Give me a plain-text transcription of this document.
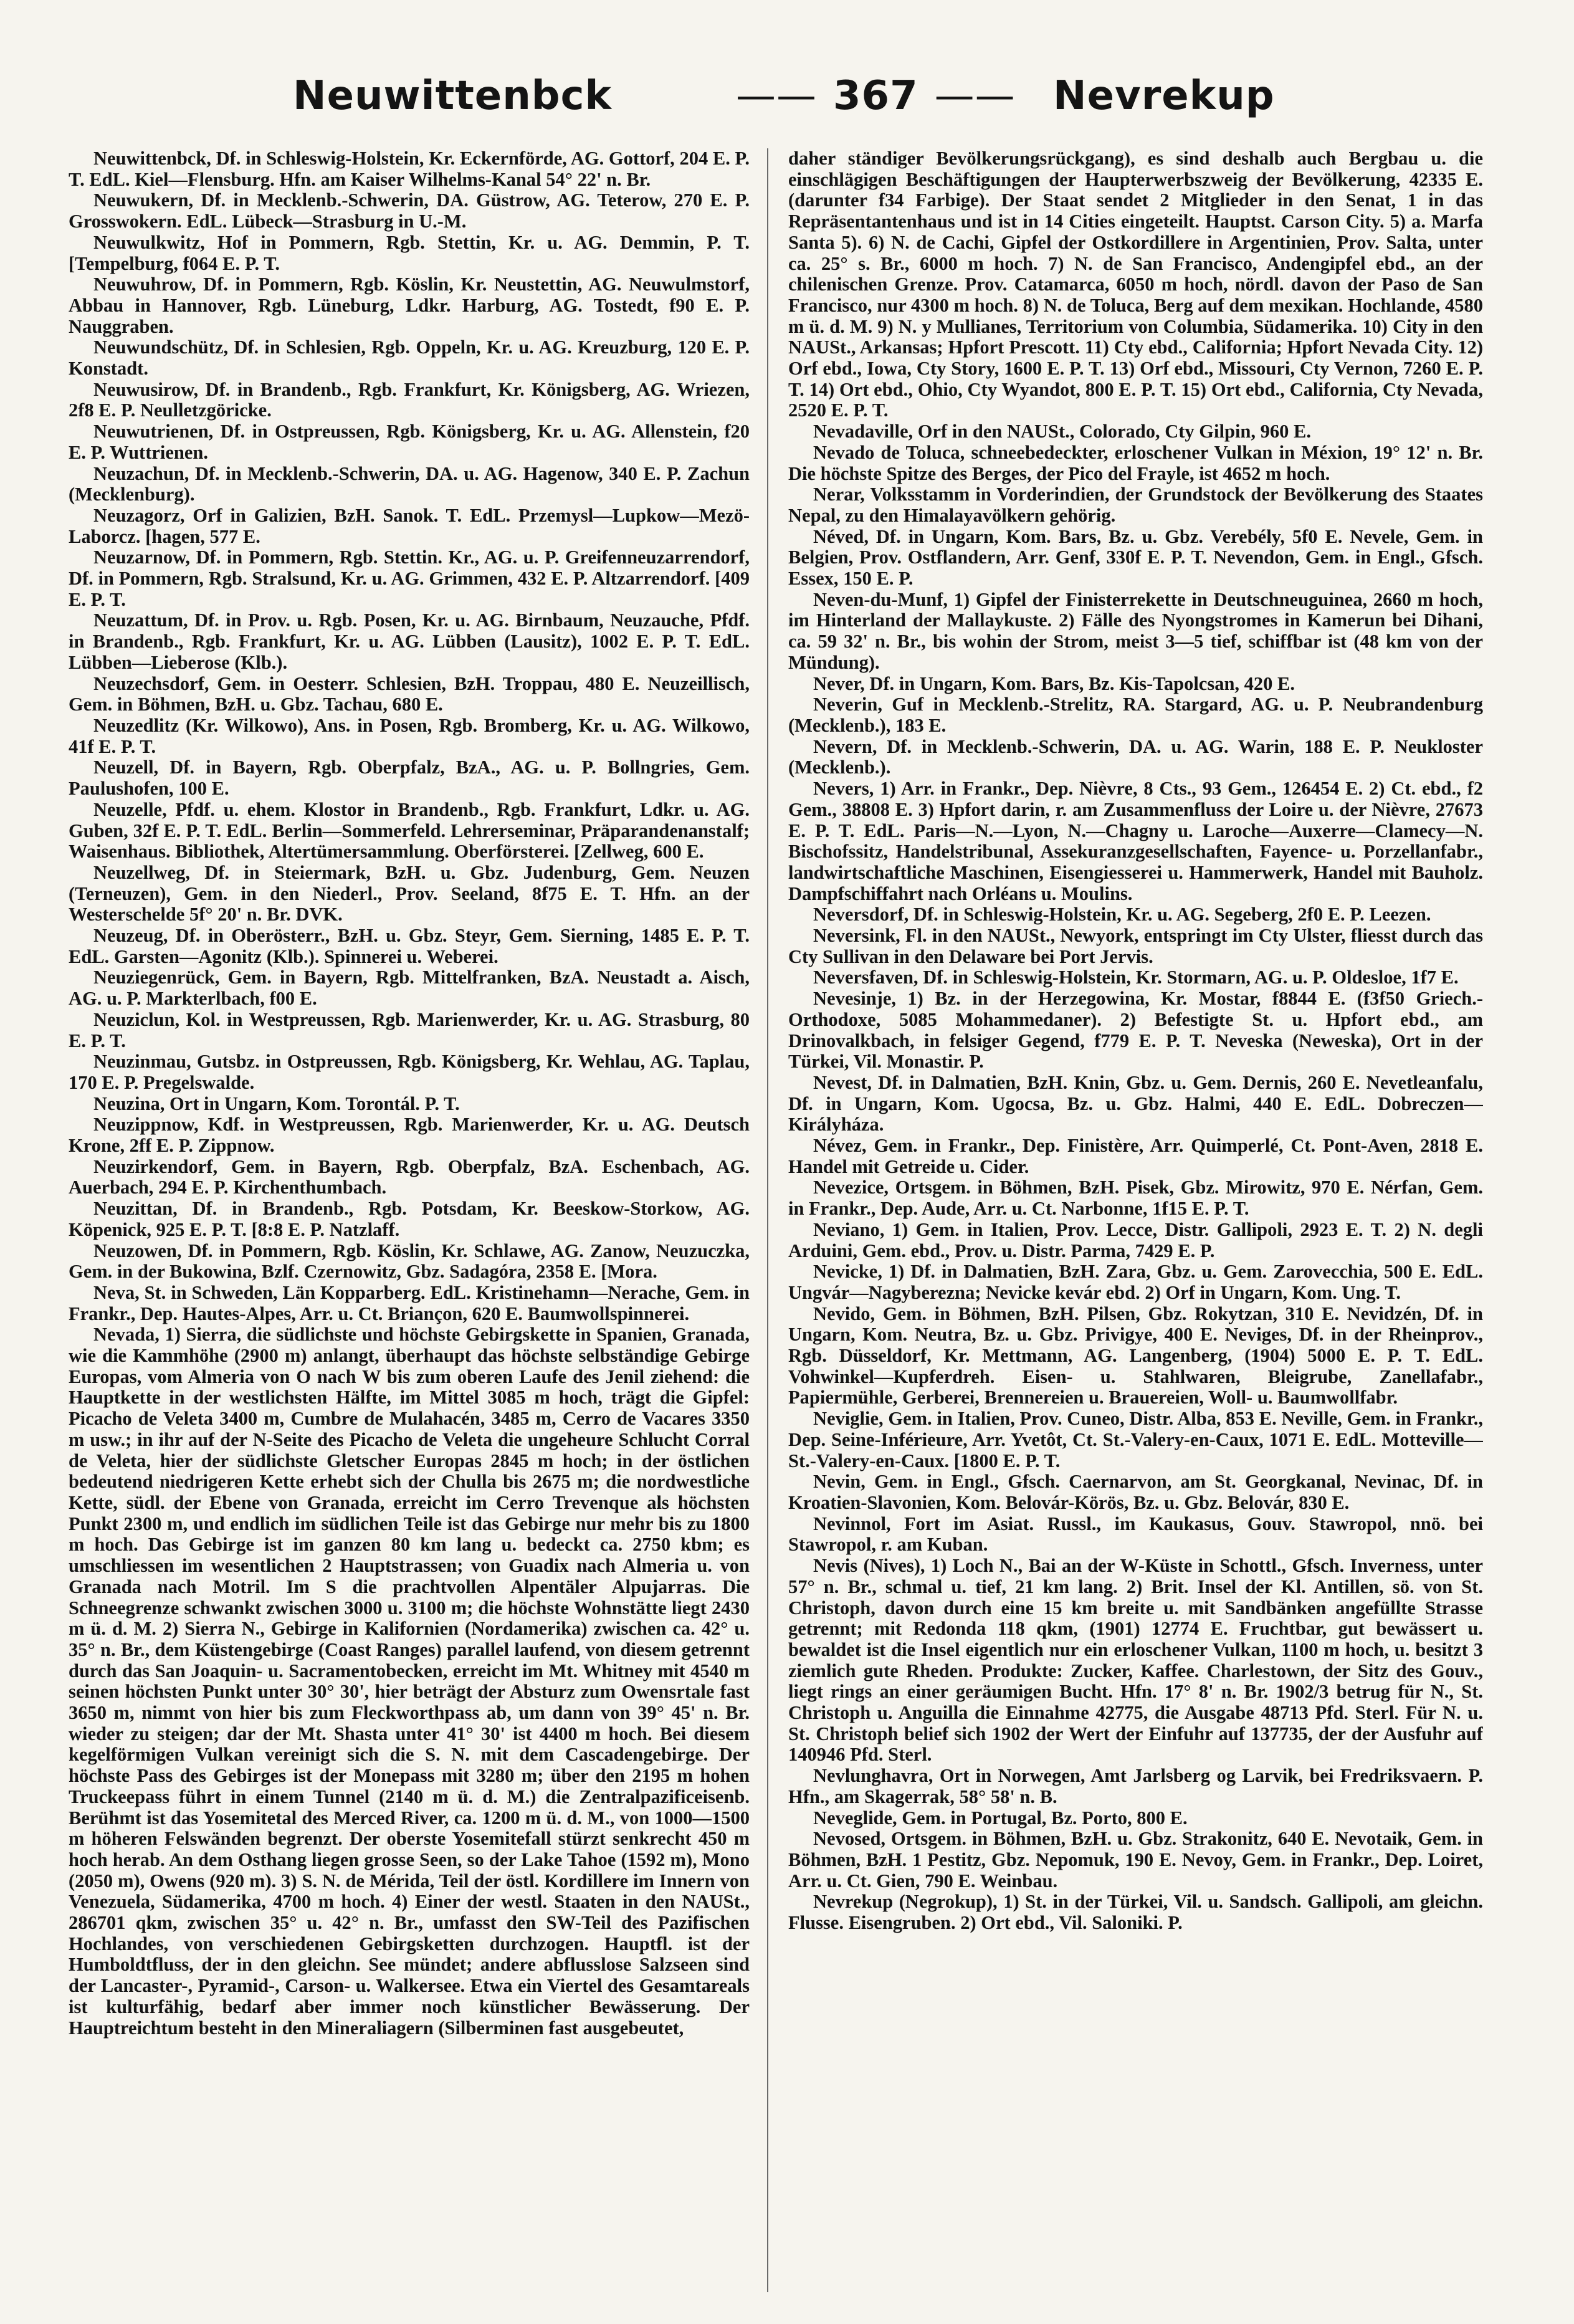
Neuwittenbck	—— 367 —— Nevrekup

Neuwittenbck, Df. in Schleswig-Holstein, Kr. Eckernförde, AG. Gottorf, 204 E. P. T. EdL. Kiel—Flensburg. Hfn. am Kaiser Wilhelms-Kanal 54° 22' n. Br.

Neuwukern, Df. in Mecklenb.-Schwerin, DA. Güstrow, AG. Teterow, 270 E. P. Grosswokern. EdL. Lübeck—Strasburg in U.-M.

Neuwulkwitz, Hof in Pommern, Rgb. Stettin, Kr. u. AG. Demmin, P. T. [Tempelburg, f064 E. P. T.

Neuwuhrow, Df. in Pommern, Rgb. Köslin, Kr. Neustettin, AG. Neuwulmstorf, Abbau in Hannover, Rgb. Lüneburg, Ldkr. Harburg, AG. Tostedt, f90 E. P. Nauggraben.

Neuwundschütz, Df. in Schlesien, Rgb. Oppeln, Kr. u. AG. Kreuzburg, 120 E. P. Konstadt.

Neuwusirow, Df. in Brandenb., Rgb. Frankfurt, Kr. Königsberg, AG. Wriezen, 2f8 E. P. Neulletzgöricke.

Neuwutrienen, Df. in Ostpreussen, Rgb. Königsberg, Kr. u. AG. Allenstein, f20 E. P. Wuttrienen.

Neuzachun, Df. in Mecklenb.-Schwerin, DA. u. AG. Hagenow, 340 E. P. Zachun (Mecklenburg).

Neuzagorz, Orf in Galizien, BzH. Sanok. T. EdL. Przemysl—Lupkow—Mezö-Laborcz. [hagen, 577 E.

Neuzarnow, Df. in Pommern, Rgb. Stettin. Kr., AG. u. P. Greifenneuzarrendorf, Df. in Pommern, Rgb. Stralsund, Kr. u. AG. Grimmen, 432 E. P. Altzarrendorf. [409 E. P. T.

Neuzattum, Df. in Prov. u. Rgb. Posen, Kr. u. AG. Birnbaum, Neuzauche, Pfdf. in Brandenb., Rgb. Frankfurt, Kr. u. AG. Lübben (Lausitz), 1002 E. P. T. EdL. Lübben—Lieberose (Klb.).

Neuzechsdorf, Gem. in Oesterr. Schlesien, BzH. Troppau, 480 E. Neuzeillisch, Gem. in Böhmen, BzH. u. Gbz. Tachau, 680 E.

Neuzedlitz (Kr. Wilkowo), Ans. in Posen, Rgb. Bromberg, Kr. u. AG. Wilkowo, 41f E. P. T.

Neuzell, Df. in Bayern, Rgb. Oberpfalz, BzA., AG. u. P. Bollngries, Gem. Paulushofen, 100 E.

Neuzelle, Pfdf. u. ehem. Klostor in Brandenb., Rgb. Frankfurt, Ldkr. u. AG. Guben, 32f E. P. T. EdL. Berlin—Sommerfeld. Lehrerseminar, Präparandenanstalf; Waisenhaus. Bibliothek, Altertümersammlung. Oberförsterei. [Zellweg, 600 E.

Neuzellweg, Df. in Steiermark, BzH. u. Gbz. Judenburg, Gem. Neuzen (Terneuzen), Gem. in den Niederl., Prov. Seeland, 8f75 E. T. Hfn. an der Westerschelde 5f° 20' n. Br. DVK.

Neuzeug, Df. in Oberösterr., BzH. u. Gbz. Steyr, Gem. Sierning, 1485 E. P. T. EdL. Garsten—Agonitz (Klb.). Spinnerei u. Weberei.

Neuziegenrück, Gem. in Bayern, Rgb. Mittelfranken, BzA. Neustadt a. Aisch, AG. u. P. Markterlbach, f00 E.

Neuziclun, Kol. in Westpreussen, Rgb. Marienwerder, Kr. u. AG. Strasburg, 80 E. P. T.

Neuzinmau, Gutsbz. in Ostpreussen, Rgb. Königsberg, Kr. Wehlau, AG. Taplau, 170 E. P. Pregelswalde.

Neuzina, Ort in Ungarn, Kom. Torontál. P. T.

Neuzippnow, Kdf. in Westpreussen, Rgb. Marienwerder, Kr. u. AG. Deutsch Krone, 2ff E. P. Zippnow.

Neuzirkendorf, Gem. in Bayern, Rgb. Oberpfalz, BzA. Eschenbach, AG. Auerbach, 294 E. P. Kirchenthumbach.

Neuzittan, Df. in Brandenb., Rgb. Potsdam, Kr. Beeskow-Storkow, AG. Köpenick, 925 E. P. T. [8:8 E. P. Natzlaff.

Neuzowen, Df. in Pommern, Rgb. Köslin, Kr. Schlawe, AG. Zanow, Neuzuczka, Gem. in der Bukowina, Bzlf. Czernowitz, Gbz. Sadagóra, 2358 E. [Mora.

Neva, St. in Schweden, Län Kopparberg. EdL. Kristinehamn—Nerache, Gem. in Frankr., Dep. Hautes-Alpes, Arr. u. Ct. Briançon, 620 E. Baumwollspinnerei.

Nevada, 1) Sierra, die südlichste und höchste Gebirgskette in Spanien, Granada, wie die Kammhöhe (2900 m) anlangt, überhaupt das höchste selbständige Gebirge Europas, vom Almeria von O nach W bis zum oberen Laufe des Jenil ziehend: die Hauptkette in der westlichsten Hälfte, im Mittel 3085 m hoch, trägt die Gipfel: Picacho de Veleta 3400 m, Cumbre de Mulahacén, 3485 m, Cerro de Vacares 3350 m usw.; in ihr auf der N-Seite des Picacho de Veleta die ungeheure Schlucht Corral de Veleta, hier der südlichste Gletscher Europas 2845 m hoch; in der östlichen bedeutend niedrigeren Kette erhebt sich der Chulla bis 2675 m; die nordwestliche Kette, südl. der Ebene von Granada, erreicht im Cerro Trevenque als höchsten Punkt 2300 m, und endlich im südlichen Teile ist das Gebirge nur mehr bis zu 1800 m hoch. Das Gebirge ist im ganzen 80 km lang u. bedeckt ca. 2750 kbm; es umschliessen im wesentlichen 2 Hauptstrassen; von Guadix nach Almeria u. von Granada nach Motril. Im S die prachtvollen Alpentäler Alpujarras. Die Schneegrenze schwankt zwischen 3000 u. 3100 m; die höchste Wohnstätte liegt 2430 m ü. d. M. 2) Sierra N., Gebirge in Kalifornien (Nordamerika) zwischen ca. 42° u. 35° n. Br., dem Küstengebirge (Coast Ranges) parallel laufend, von diesem getrennt durch das San Joaquin- u. Sacramentobecken, erreicht im Mt. Whitney mit 4540 m seinen höchsten Punkt unter 30° 30', hier beträgt der Absturz zum Owensrtale fast 3650 m, nimmt von hier bis zum Fleckworthpass ab, um dann von 39° 45' n. Br. wieder zu steigen; dar der Mt. Shasta unter 41° 30' ist 4400 m hoch. Bei diesem kegelförmigen Vulkan vereinigt sich die S. N. mit dem Cascadengebirge. Der höchste Pass des Gebirges ist der Monepass mit 3280 m; über den 2195 m hohen Truckeepass führt in einem Tunnel (2140 m ü. d. M.) die Zentralpazificeisenb. Berühmt ist das Yosemitetal des Merced River, ca. 1200 m ü. d. M., von 1000—1500 m höheren Felswänden begrenzt. Der oberste Yosemitefall stürzt senkrecht 450 m hoch herab. An dem Osthang liegen grosse Seen, so der Lake Tahoe (1592 m), Mono (2050 m), Owens (920 m). 3) S. N. de Mérida, Teil der östl. Kordillere im Innern von Venezuela, Südamerika, 4700 m hoch. 4) Einer der westl. Staaten in den NAUSt., 286701 qkm, zwischen 35° u. 42° n. Br., umfasst den SW-Teil des Pazifischen Hochlandes, von verschiedenen Gebirgsketten durchzogen. Hauptfl. ist der Humboldtfluss, der in den gleichn. See mündet; andere abflusslose Salzseen sind der Lancaster-, Pyramid-, Carson- u. Walkersee. Etwa ein Viertel des Gesamtareals ist kulturfähig, bedarf aber immer noch künstlicher Bewässerung. Der Hauptreichtum besteht in den Mineraliagern (Silberminen fast ausgebeutet,

daher ständiger Bevölkerungsrückgang), es sind deshalb auch Bergbau u. die einschlägigen Beschäftigungen der Haupterwerbszweig der Bevölkerung, 42335 E. (darunter f34 Farbige). Der Staat sendet 2 Mitglieder in den Senat, 1 in das Repräsentantenhaus und ist in 14 Cities eingeteilt. Hauptst. Carson City. 5) a. Marfa Santa 5). 6) N. de Cachi, Gipfel der Ostkordillere in Argentinien, Prov. Salta, unter ca. 25° s. Br., 6000 m hoch. 7) N. de San Francisco, Andengipfel ebd., an der chilenischen Grenze. Prov. Catamarca, 6050 m hoch, nördl. davon der Paso de San Francisco, nur 4300 m hoch. 8) N. de Toluca, Berg auf dem mexikan. Hochlande, 4580 m ü. d. M. 9) N. y Mullianes, Territorium von Columbia, Südamerika. 10) City in den NAUSt., Arkansas; Hpfort Prescott. 11) Cty ebd., California; Hpfort Nevada City. 12) Orf ebd., Iowa, Cty Story, 1600 E. P. T. 13) Orf ebd., Missouri, Cty Vernon, 7260 E. P. T. 14) Ort ebd., Ohio, Cty Wyandot, 800 E. P. T. 15) Ort ebd., California, Cty Nevada, 2520 E. P. T.

Nevadaville, Orf in den NAUSt., Colorado, Cty Gilpin, 960 E.

Nevado de Toluca, schneebedeckter, erloschener Vulkan in Méxion, 19° 12' n. Br. Die höchste Spitze des Berges, der Pico del Frayle, ist 4652 m hoch.

Nerar, Volksstamm in Vorderindien, der Grundstock der Bevölkerung des Staates Nepal, zu den Himalayavölkern gehörig.

Néved, Df. in Ungarn, Kom. Bars, Bz. u. Gbz. Verebély, 5f0 E. Nevele, Gem. in Belgien, Prov. Ostflandern, Arr. Genf, 330f E. P. T. Nevendon, Gem. in Engl., Gfsch. Essex, 150 E. P.

Neven-du-Munf, 1) Gipfel der Finisterrekette in Deutschneuguinea, 2660 m hoch, im Hinterland der Mallaykuste. 2) Fälle des Nyongstromes in Kamerun bei Dihani, ca. 59 32' n. Br., bis wohin der Strom, meist 3—5 tief, schiffbar ist (48 km von der Mündung).

Never, Df. in Ungarn, Kom. Bars, Bz. Kis-Tapolcsan, 420 E.

Neverin, Guf in Mecklenb.-Strelitz, RA. Stargard, AG. u. P. Neubrandenburg (Mecklenb.), 183 E.

Nevern, Df. in Mecklenb.-Schwerin, DA. u. AG. Warin, 188 E. P. Neukloster (Mecklenb.).

Nevers, 1) Arr. in Frankr., Dep. Nièvre, 8 Cts., 93 Gem., 126454 E. 2) Ct. ebd., f2 Gem., 38808 E. 3) Hpfort darin, r. am Zusammenfluss der Loire u. der Nièvre, 27673 E. P. T. EdL. Paris—N.—Lyon, N.—Chagny u. Laroche—Auxerre—Clamecy—N. Bischofssitz, Handelstribunal, Assekuranzgesellschaften, Fayence- u. Porzellanfabr., landwirtschaftliche Maschinen, Eisengiesserei u. Hammerwerk, Handel mit Bauholz. Dampfschiffahrt nach Orléans u. Moulins.

Neversdorf, Df. in Schleswig-Holstein, Kr. u. AG. Segeberg, 2f0 E. P. Leezen.

Neversink, Fl. in den NAUSt., Newyork, entspringt im Cty Ulster, fliesst durch das Cty Sullivan in den Delaware bei Port Jervis.

Neversfaven, Df. in Schleswig-Holstein, Kr. Stormarn, AG. u. P. Oldesloe, 1f7 E.

Nevesinje, 1) Bz. in der Herzegowina, Kr. Mostar, f8844 E. (f3f50 Griech.-Orthodoxe, 5085 Mohammedaner). 2) Befestigte St. u. Hpfort ebd., am Drinovalkbach, in felsiger Gegend, f779 E. P. T. Neveska (Neweska), Ort in der Türkei, Vil. Monastir. P.

Nevest, Df. in Dalmatien, BzH. Knin, Gbz. u. Gem. Dernis, 260 E. Nevetleanfalu, Df. in Ungarn, Kom. Ugocsa, Bz. u. Gbz. Halmi, 440 E. EdL. Dobreczen—Királyháza.

Névez, Gem. in Frankr., Dep. Finistère, Arr. Quimperlé, Ct. Pont-Aven, 2818 E. Handel mit Getreide u. Cider.

Nevezice, Ortsgem. in Böhmen, BzH. Pisek, Gbz. Mirowitz, 970 E. Nérfan, Gem. in Frankr., Dep. Aude, Arr. u. Ct. Narbonne, 1f15 E. P. T.

Neviano, 1) Gem. in Italien, Prov. Lecce, Distr. Gallipoli, 2923 E. T. 2) N. degli Arduini, Gem. ebd., Prov. u. Distr. Parma, 7429 E. P.

Nevicke, 1) Df. in Dalmatien, BzH. Zara, Gbz. u. Gem. Zarovecchia, 500 E. EdL. Ungvár—Nagyberezna; Nevicke kevár ebd. 2) Orf in Ungarn, Kom. Ung. T.

Nevido, Gem. in Böhmen, BzH. Pilsen, Gbz. Rokytzan, 310 E. Nevidzén, Df. in Ungarn, Kom. Neutra, Bz. u. Gbz. Privigye, 400 E. Neviges, Df. in der Rheinprov., Rgb. Düsseldorf, Kr. Mettmann, AG. Langenberg, (1904) 5000 E. P. T. EdL. Vohwinkel—Kupferdreh. Eisen- u. Stahlwaren, Bleigrube, Zanellafabr., Papiermühle, Gerberei, Brennereien u. Brauereien, Woll- u. Baumwollfabr.

Neviglie, Gem. in Italien, Prov. Cuneo, Distr. Alba, 853 E. Neville, Gem. in Frankr., Dep. Seine-Inférieure, Arr. Yvetôt, Ct. St.-Valery-en-Caux, 1071 E. EdL. Motteville—St.-Valery-en-Caux. [1800 E. P. T.

Nevin, Gem. in Engl., Gfsch. Caernarvon, am St. Georgkanal, Nevinac, Df. in Kroatien-Slavonien, Kom. Belovár-Körös, Bz. u. Gbz. Belovár, 830 E.

Nevinnol, Fort im Asiat. Russl., im Kaukasus, Gouv. Stawropol, nnö. bei Stawropol, r. am Kuban.

Nevis (Nives), 1) Loch N., Bai an der W-Küste in Schottl., Gfsch. Inverness, unter 57° n. Br., schmal u. tief, 21 km lang. 2) Brit. Insel der Kl. Antillen, sö. von St. Christoph, davon durch eine 15 km breite u. mit Sandbänken angefüllte Strasse getrennt; mit Redonda 118 qkm, (1901) 12774 E. Fruchtbar, gut bewässert u. bewaldet ist die Insel eigentlich nur ein erloschener Vulkan, 1100 m hoch, u. besitzt 3 ziemlich gute Rheden. Produkte: Zucker, Kaffee. Charlestown, der Sitz des Gouv., liegt rings an einer geräumigen Bucht. Hfn. 17° 8' n. Br. 1902/3 betrug für N., St. Christoph u. Anguilla die Einnahme 42775, die Ausgabe 48713 Pfd. Sterl. Für N. u. St. Christoph belief sich 1902 der Wert der Einfuhr auf 137735, der der Ausfuhr auf 140946 Pfd. Sterl.

Nevlunghavra, Ort in Norwegen, Amt Jarlsberg og Larvik, bei Fredriksvaern. P. Hfn., am Skagerrak, 58° 58' n. B.

Neveglide, Gem. in Portugal, Bz. Porto, 800 E.

Nevosed, Ortsgem. in Böhmen, BzH. u. Gbz. Strakonitz, 640 E. Nevotaik, Gem. in Böhmen, BzH. 1 Pestitz, Gbz. Nepomuk, 190 E. Nevoy, Gem. in Frankr., Dep. Loiret, Arr. u. Ct. Gien, 790 E. Weinbau.

Nevrekup (Negrokup), 1) St. in der Türkei, Vil. u. Sandsch. Gallipoli, am gleichn. Flusse. Eisengruben. 2) Ort ebd., Vil. Saloniki. P.
